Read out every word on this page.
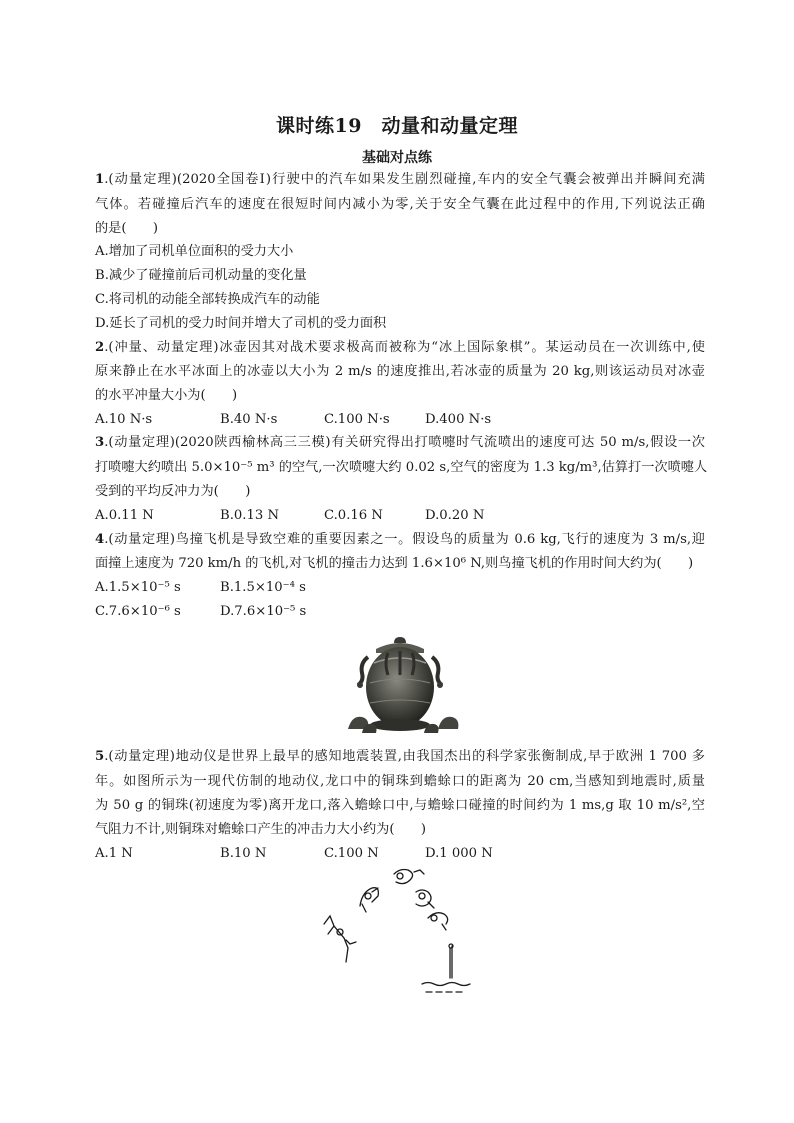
课时练19　动量和动量定理
基础对点练
1.(动量定理)(2020全国卷Ⅰ)行驶中的汽车如果发生剧烈碰撞,车内的安全气囊会被弹出并瞬间充满
气体。若碰撞后汽车的速度在很短时间内减小为零,关于安全气囊在此过程中的作用,下列说法正确
的是(　　)
A.增加了司机单位面积的受力大小
B.减少了碰撞前后司机动量的变化量
C.将司机的动能全部转换成汽车的动能
D.延长了司机的受力时间并增大了司机的受力面积
2.(冲量、动量定理)冰壶因其对战术要求极高而被称为“冰上国际象棋”。某运动员在一次训练中,使
原来静止在水平冰面上的冰壶以大小为 2 m/s 的速度推出,若冰壶的质量为 20 kg,则该运动员对冰壶
的水平冲量大小为(　　)
A.10 N·s	B.40 N·s	C.100 N·s	D.400 N·s
3.(动量定理)(2020陕西榆林高三三模)有关研究得出打喷嚏时气流喷出的速度可达 50 m/s,假设一次
打喷嚏大约喷出 5.0×10⁻⁵ m³ 的空气,一次喷嚏大约 0.02 s,空气的密度为 1.3 kg/m³,估算打一次喷嚏人
受到的平均反冲力为(　　)
A.0.11 N	B.0.13 N	C.0.16 N	D.0.20 N
4.(动量定理)鸟撞飞机是导致空难的重要因素之一。假设鸟的质量为 0.6 kg,飞行的速度为 3 m/s,迎
面撞上速度为 720 km/h 的飞机,对飞机的撞击力达到 1.6×10⁶ N,则鸟撞飞机的作用时间大约为(　　)
A.1.5×10⁻⁵ s	B.1.5×10⁻⁴ s
C.7.6×10⁻⁶ s	D.7.6×10⁻⁵ s
5.(动量定理)地动仪是世界上最早的感知地震装置,由我国杰出的科学家张衡制成,早于欧洲 1 700 多
年。如图所示为一现代仿制的地动仪,龙口中的铜珠到蟾蜍口的距离为 20 cm,当感知到地震时,质量
为 50 g 的铜珠(初速度为零)离开龙口,落入蟾蜍口中,与蟾蜍口碰撞的时间约为 1 ms,g 取 10 m/s²,空
气阻力不计,则铜珠对蟾蜍口产生的冲击力大小约为(　　)
A.1 N	B.10 N	C.100 N	D.1 000 N
